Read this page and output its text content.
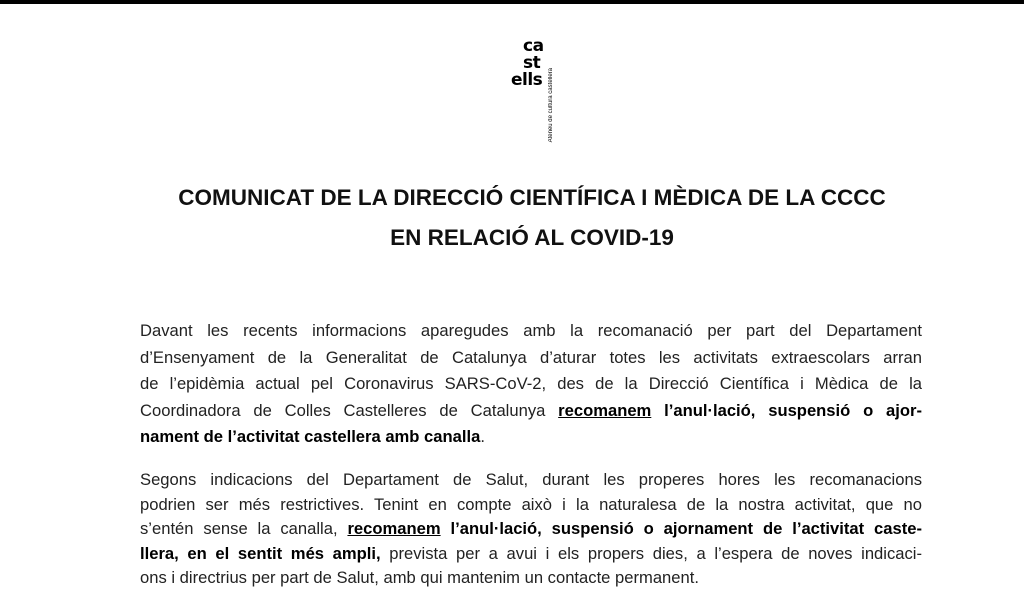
ca
st
ells Ateneu de cultura castellera
COMUNICAT DE LA DIRECCIÓ CIENTÍFICA I MÈDICA DE LA CCCC
EN RELACIÓ AL COVID-19
Davant les recents informacions aparegudes amb la recomanació per part del Departament
d’Ensenyament de la Generalitat de Catalunya d’aturar totes les activitats extraescolars arran
de l’epidèmia actual pel Coronavirus SARS-CoV-2, des de la Direcció Científica i Mèdica de la
Coordinadora de Colles Castelleres de Catalunya recomanem l’anul·lació, suspensió o ajor-
nament de l’activitat castellera amb canalla.
Segons indicacions del Departament de Salut, durant les properes hores les recomanacions
podrien ser més restrictives. Tenint en compte això i la naturalesa de la nostra activitat, que no
s’entén sense la canalla, recomanem l’anul·lació, suspensió o ajornament de l’activitat caste-
llera, en el sentit més ampli, prevista per a avui i els propers dies, a l’espera de noves indicaci-
ons i directrius per part de Salut, amb qui mantenim un contacte permanent.
